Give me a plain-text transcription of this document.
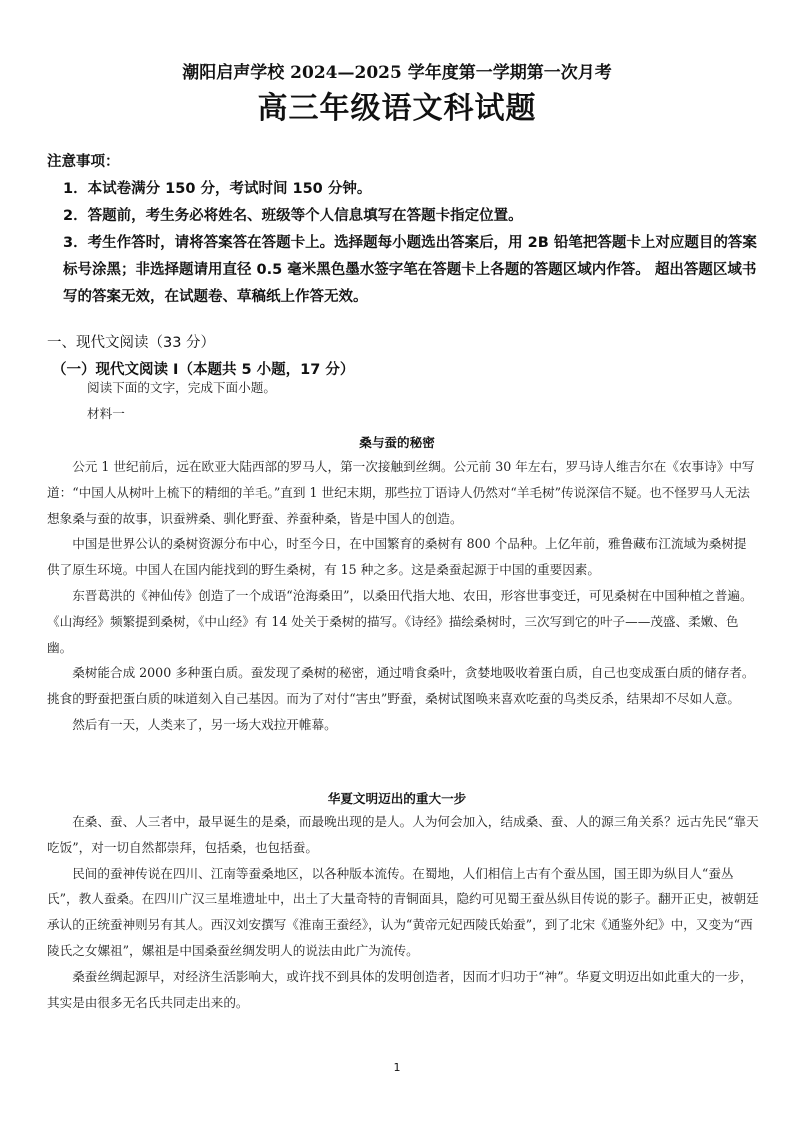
潮阳启声学校 2024—2025 学年度第一学期第一次月考
高三年级语文科试题

注意事项：

1．本试卷满分 150 分，考试时间 150 分钟。

2．答题前，考生务必将姓名、班级等个人信息填写在答题卡指定位置。

3．考生作答时，请将答案答在答题卡上。选择题每小题选出答案后，用 2B 铅笔把答题卡上对应题目的答案标号涂黑；非选择题请用直径 0.5 毫米黑色墨水签字笔在答题卡上各题的答题区域内作答。 超出答题区域书写的答案无效，在试题卷、草稿纸上作答无效。

一、现代文阅读（33 分）
（一）现代文阅读 Ⅰ（本题共 5 小题，17 分）

阅读下面的文字，完成下面小题。

材料一

桑与蚕的秘密

公元 1 世纪前后，远在欧亚大陆西部的罗马人，第一次接触到丝绸。公元前 30 年左右，罗马诗人维吉尔在《农事诗》中写道：“中国人从树叶上梳下的精细的羊毛。”直到 1 世纪末期，那些拉丁语诗人仍然对“羊毛树”传说深信不疑。也不怪罗马人无法想象桑与蚕的故事，识蚕辨桑、驯化野蚕、养蚕种桑，皆是中国人的创造。

中国是世界公认的桑树资源分布中心，时至今日，在中国繁育的桑树有 800 个品种。上亿年前，雅鲁藏布江流域为桑树提供了原生环境。中国人在国内能找到的野生桑树，有 15 种之多。这是桑蚕起源于中国的重要因素。

东晋葛洪的《神仙传》创造了一个成语“沧海桑田”，以桑田代指大地、农田，形容世事变迁，可见桑树在中国种植之普遍。《山海经》频繁提到桑树，《中山经》有 14 处关于桑树的描写。《诗经》描绘桑树时，三次写到它的叶子——茂盛、柔嫩、色幽。

桑树能合成 2000 多种蛋白质。蚕发现了桑树的秘密，通过啃食桑叶，贪婪地吸收着蛋白质，自己也变成蛋白质的储存者。挑食的野蚕把蛋白质的味道刻入自己基因。而为了对付“害虫”野蚕，桑树试图唤来喜欢吃蚕的鸟类反杀，结果却不尽如人意。

然后有一天，人类来了，另一场大戏拉开帷幕。

华夏文明迈出的重大一步

在桑、蚕、人三者中，最早诞生的是桑，而最晚出现的是人。人为何会加入，结成桑、蚕、人的源三角关系？远古先民“靠天吃饭”，对一切自然都崇拜，包括桑，也包括蚕。

民间的蚕神传说在四川、江南等蚕桑地区，以各种版本流传。在蜀地，人们相信上古有个蚕丛国，国王即为纵目人“蚕丛氏”，教人蚕桑。在四川广汉三星堆遗址中，出土了大量奇特的青铜面具，隐约可见蜀王蚕丛纵目传说的影子。翻开正史，被朝廷承认的正统蚕神则另有其人。西汉刘安撰写《淮南王蚕经》，认为“黄帝元妃西陵氏始蚕”，到了北宋《通鉴外纪》中，又变为“西陵氏之女嫘祖”，嫘祖是中国桑蚕丝绸发明人的说法由此广为流传。

桑蚕丝绸起源早，对经济生活影响大，或许找不到具体的发明创造者，因而才归功于“神”。华夏文明迈出如此重大的一步，其实是由很多无名氏共同走出来的。

1
